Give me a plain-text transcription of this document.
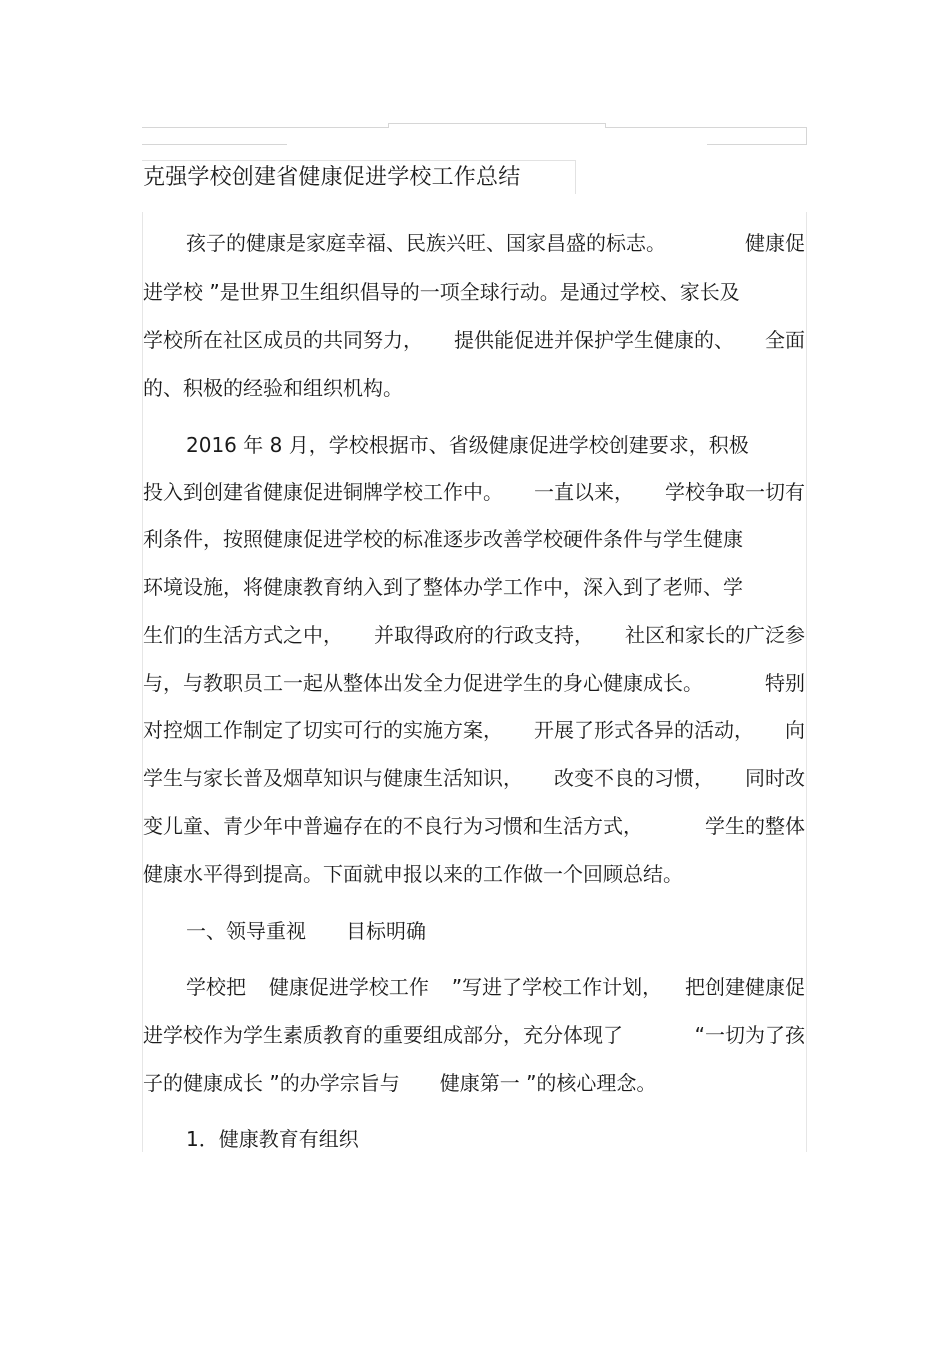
克强学校创建省健康促进学校工作总结
孩子的健康是家庭幸福、民族兴旺、国家昌盛的标志。	健康促
进学校 ”是世界卫生组织倡导的一项全球行动。是通过学校、家长及
学校所在社区成员的共同努力， 提供能促进并保护学生健康的、 全面
的、积极的经验和组织机构。
2016 年 8 月，学校根据市、省级健康促进学校创建要求，积极
投入到创建省健康促进铜牌学校工作中。 一直以来， 学校争取一切有
利条件，按照健康促进学校的标准逐步改善学校硬件条件与学生健康
环境设施，将健康教育纳入到了整体办学工作中，深入到了老师、学
生们的生活方式之中， 并取得政府的行政支持， 社区和家长的广泛参
与，与教职员工一起从整体出发全力促进学生的身心健康成长。	特别
对控烟工作制定了切实可行的实施方案， 开展了形式各异的活动， 向
学生与家长普及烟草知识与健康生活知识， 改变不良的习惯， 同时改
变儿童、青少年中普遍存在的不良行为习惯和生活方式，	学生的整体
健康水平得到提高。下面就申报以来的工作做一个回顾总结。
一、领导重视 目标明确
学校把 健康促进学校工作 ”写进了学校工作计划， 把创建健康促
进学校作为学生素质教育的重要组成部分，充分体现了	“一切为了孩
子的健康成长 ”的办学宗旨与 健康第一 ”的核心理念。
1．健康教育有组织
